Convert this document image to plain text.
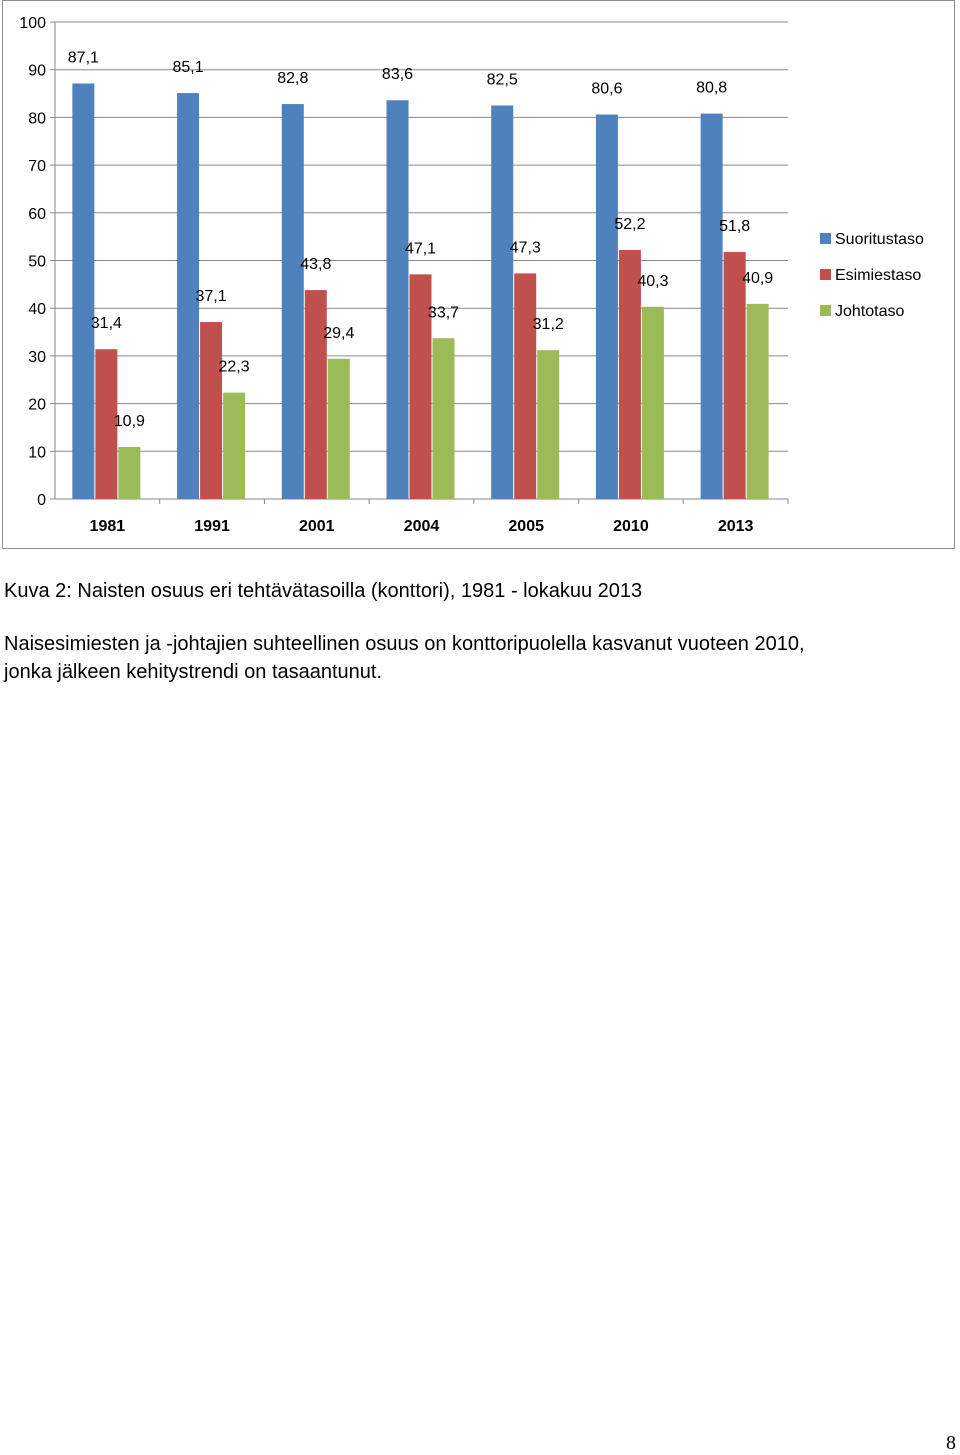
0
10
20
30
40
50
60
70
80
90
100
1981
87,1
31,4
10,9
1991
85,1
37,1
22,3
2001
82,8
43,8
29,4
2004
83,6
47,1
33,7
2005
82,5
47,3
31,2
2010
80,6
52,2
40,3
2013
80,8
51,8
40,9
Suoritustaso
Esimiestaso
Johtotaso
Kuva 2: Naisten osuus eri tehtävätasoilla (konttori), 1981 - lokakuu 2013
Naisesimiesten ja -johtajien suhteellinen osuus on konttoripuolella kasvanut vuoteen 2010,
jonka jälkeen kehitystrendi on tasaantunut.
8
